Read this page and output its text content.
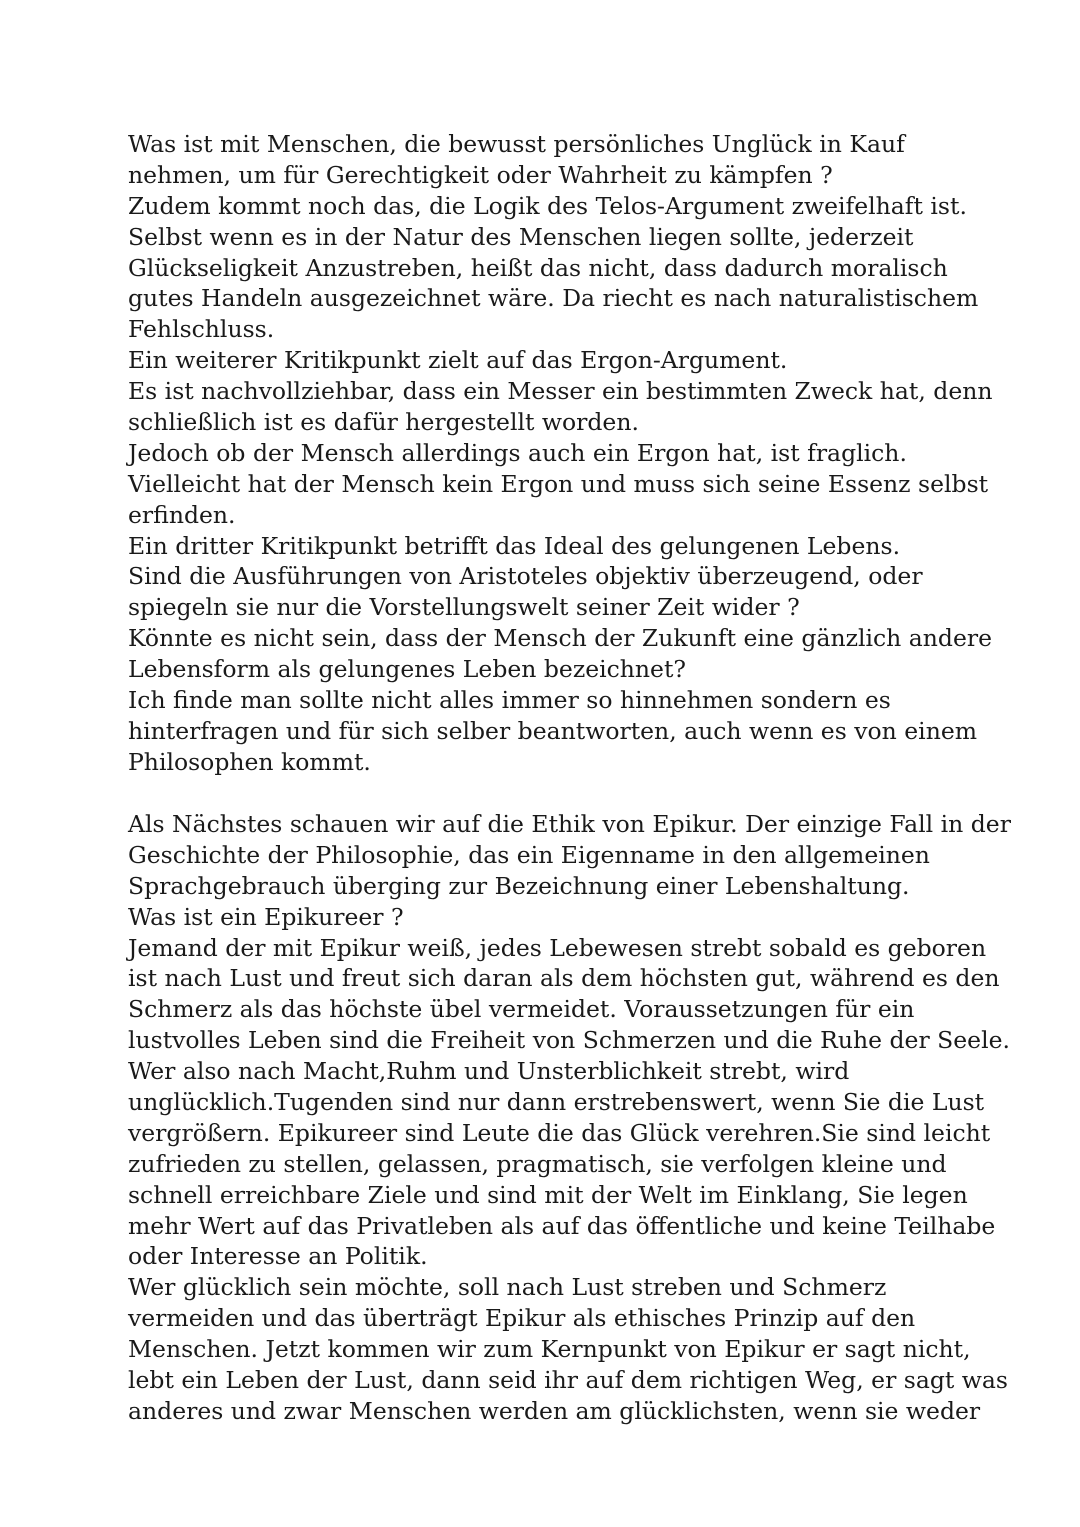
Was ist mit Menschen, die bewusst persönliches Unglück in Kauf
nehmen, um für Gerechtigkeit oder Wahrheit zu kämpfen ?
Zudem kommt noch das, die Logik des Telos-Argument zweifelhaft ist.
Selbst wenn es in der Natur des Menschen liegen sollte, jederzeit
Glückseligkeit Anzustreben, heißt das nicht, dass dadurch moralisch
gutes Handeln ausgezeichnet wäre. Da riecht es nach naturalistischem
Fehlschluss.
Ein weiterer Kritikpunkt zielt auf das Ergon-Argument.
Es ist nachvollziehbar, dass ein Messer ein bestimmten Zweck hat, denn
schließlich ist es dafür hergestellt worden.
Jedoch ob der Mensch allerdings auch ein Ergon hat, ist fraglich.
Vielleicht hat der Mensch kein Ergon und muss sich seine Essenz selbst
erfinden.
Ein dritter Kritikpunkt betrifft das Ideal des gelungenen Lebens.
Sind die Ausführungen von Aristoteles objektiv überzeugend, oder
spiegeln sie nur die Vorstellungswelt seiner Zeit wider ?
Könnte es nicht sein, dass der Mensch der Zukunft eine gänzlich andere
Lebensform als gelungenes Leben bezeichnet?
Ich finde man sollte nicht alles immer so hinnehmen sondern es
hinterfragen und für sich selber beantworten, auch wenn es von einem
Philosophen kommt.
Als Nächstes schauen wir auf die Ethik von Epikur. Der einzige Fall in der
Geschichte der Philosophie, das ein Eigenname in den allgemeinen
Sprachgebrauch überging zur Bezeichnung einer Lebenshaltung.
Was ist ein Epikureer ?
Jemand der mit Epikur weiß, jedes Lebewesen strebt sobald es geboren
ist nach Lust und freut sich daran als dem höchsten gut, während es den
Schmerz als das höchste übel vermeidet. Voraussetzungen für ein
lustvolles Leben sind die Freiheit von Schmerzen und die Ruhe der Seele.
Wer also nach Macht,Ruhm und Unsterblichkeit strebt, wird
unglücklich.Tugenden sind nur dann erstrebenswert, wenn Sie die Lust
vergrößern. Epikureer sind Leute die das Glück verehren.Sie sind leicht
zufrieden zu stellen, gelassen, pragmatisch, sie verfolgen kleine und
schnell erreichbare Ziele und sind mit der Welt im Einklang, Sie legen
mehr Wert auf das Privatleben als auf das öffentliche und keine Teilhabe
oder Interesse an Politik.
Wer glücklich sein möchte, soll nach Lust streben und Schmerz
vermeiden und das überträgt Epikur als ethisches Prinzip auf den
Menschen. Jetzt kommen wir zum Kernpunkt von Epikur er sagt nicht,
lebt ein Leben der Lust, dann seid ihr auf dem richtigen Weg, er sagt was
anderes und zwar Menschen werden am glücklichsten, wenn sie weder
